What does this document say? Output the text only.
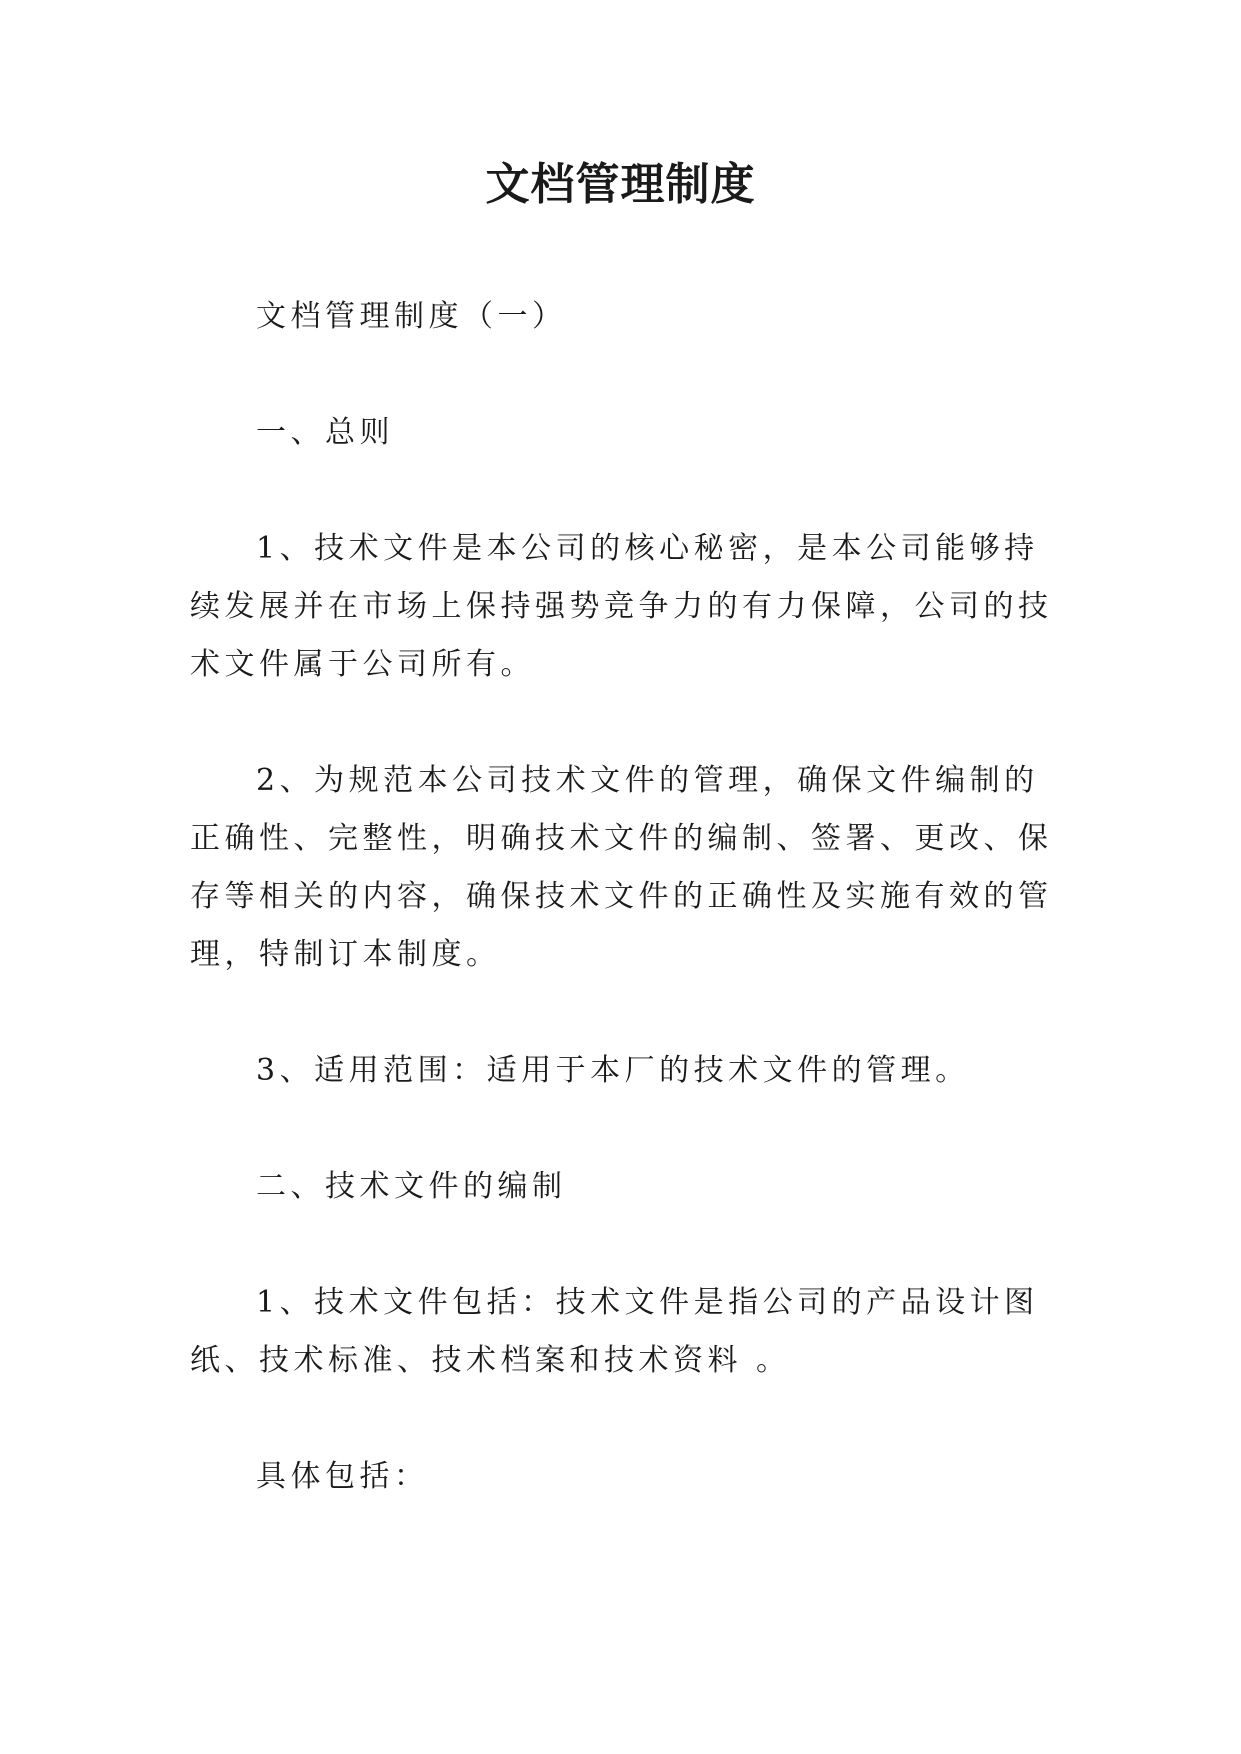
文档管理制度

文档管理制度（一）

一、总则

1、技术文件是本公司的核心秘密，是本公司能够持续发展并在市场上保持强势竞争力的有力保障，公司的技术文件属于公司所有。

2、为规范本公司技术文件的管理，确保文件编制的正确性、完整性，明确技术文件的编制、签署、更改、保存等相关的内容，确保技术文件的正确性及实施有效的管理，特制订本制度。

3、适用范围：适用于本厂的技术文件的管理。

二、技术文件的编制

1、技术文件包括：技术文件是指公司的产品设计图纸、技术标准、技术档案和技术资料 。

具体包括：
